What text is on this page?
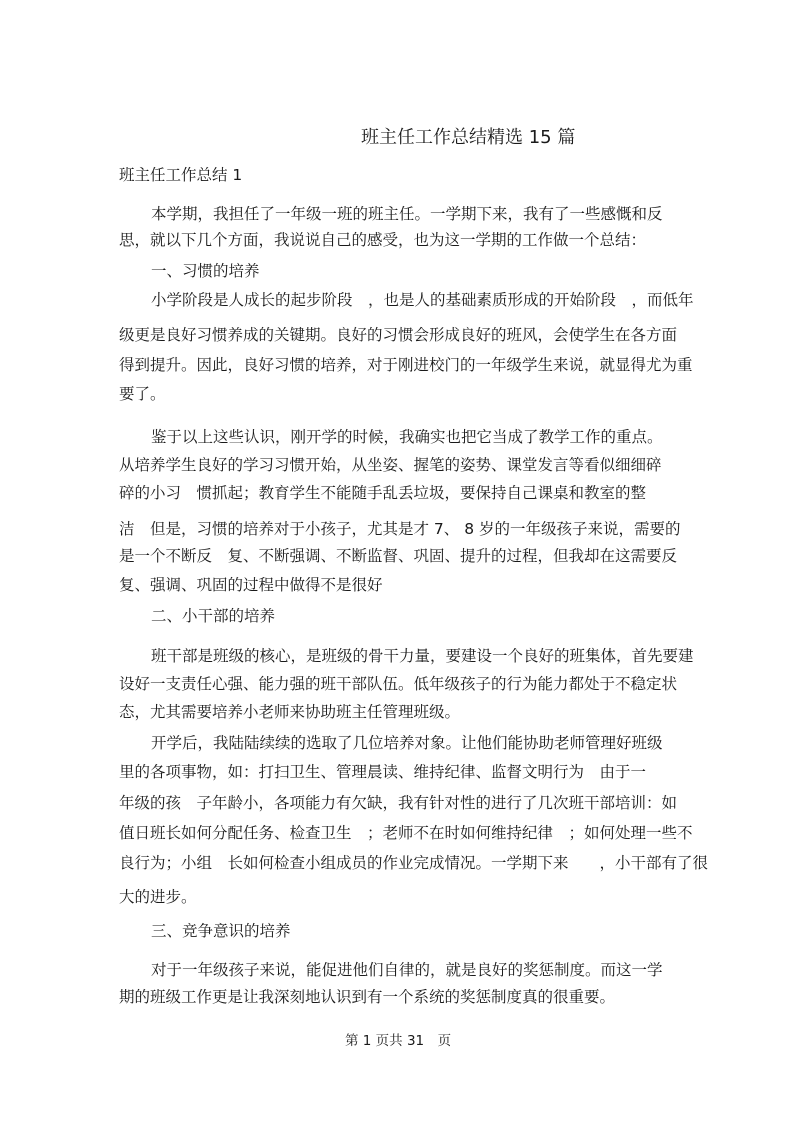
班主任工作总结精选 15 篇
班主任工作总结 1
本学期，我担任了一年级一班的班主任。一学期下来，我有了一些感慨和反
思，就以下几个方面，我说说自己的感受，也为这一学期的工作做一个总结：
一、习惯的培养
小学阶段是人成长的起步阶段　，也是人的基础素质形成的开始阶段　，而低年
级更是良好习惯养成的关键期。良好的习惯会形成良好的班风，会使学生在各方面
得到提升。因此，良好习惯的培养，对于刚进校门的一年级学生来说，就显得尤为重
要了。
鉴于以上这些认识，刚开学的时候，我确实也把它当成了教学工作的重点。
从培养学生良好的学习习惯开始，从坐姿、握笔的姿势、课堂发言等看似细细碎
碎的小习　惯抓起；教育学生不能随手乱丢垃圾，要保持自己课桌和教室的整
洁　但是，习惯的培养对于小孩子，尤其是才 7、 8 岁的一年级孩子来说，需要的
是一个不断反　复、不断强调、不断监督、巩固、提升的过程，但我却在这需要反
复、强调、巩固的过程中做得不是很好
二、小干部的培养
班干部是班级的核心，是班级的骨干力量，要建设一个良好的班集体，首先要建
设好一支责任心强、能力强的班干部队伍。低年级孩子的行为能力都处于不稳定状
态，尤其需要培养小老师来协助班主任管理班级。
开学后，我陆陆续续的选取了几位培养对象。让他们能协助老师管理好班级
里的各项事物，如：打扫卫生、管理晨读、维持纪律、监督文明行为　由于一
年级的孩　子年龄小，各项能力有欠缺，我有针对性的进行了几次班干部培训：如
值日班长如何分配任务、检查卫生　；老师不在时如何维持纪律　；如何处理一些不
良行为；小组　长如何检查小组成员的作业完成情况。一学期下来　　，小干部有了很
大的进步。
三、竞争意识的培养
对于一年级孩子来说，能促进他们自律的，就是良好的奖惩制度。而这一学
期的班级工作更是让我深刻地认识到有一个系统的奖惩制度真的很重要。
第 1 页共 31　页
